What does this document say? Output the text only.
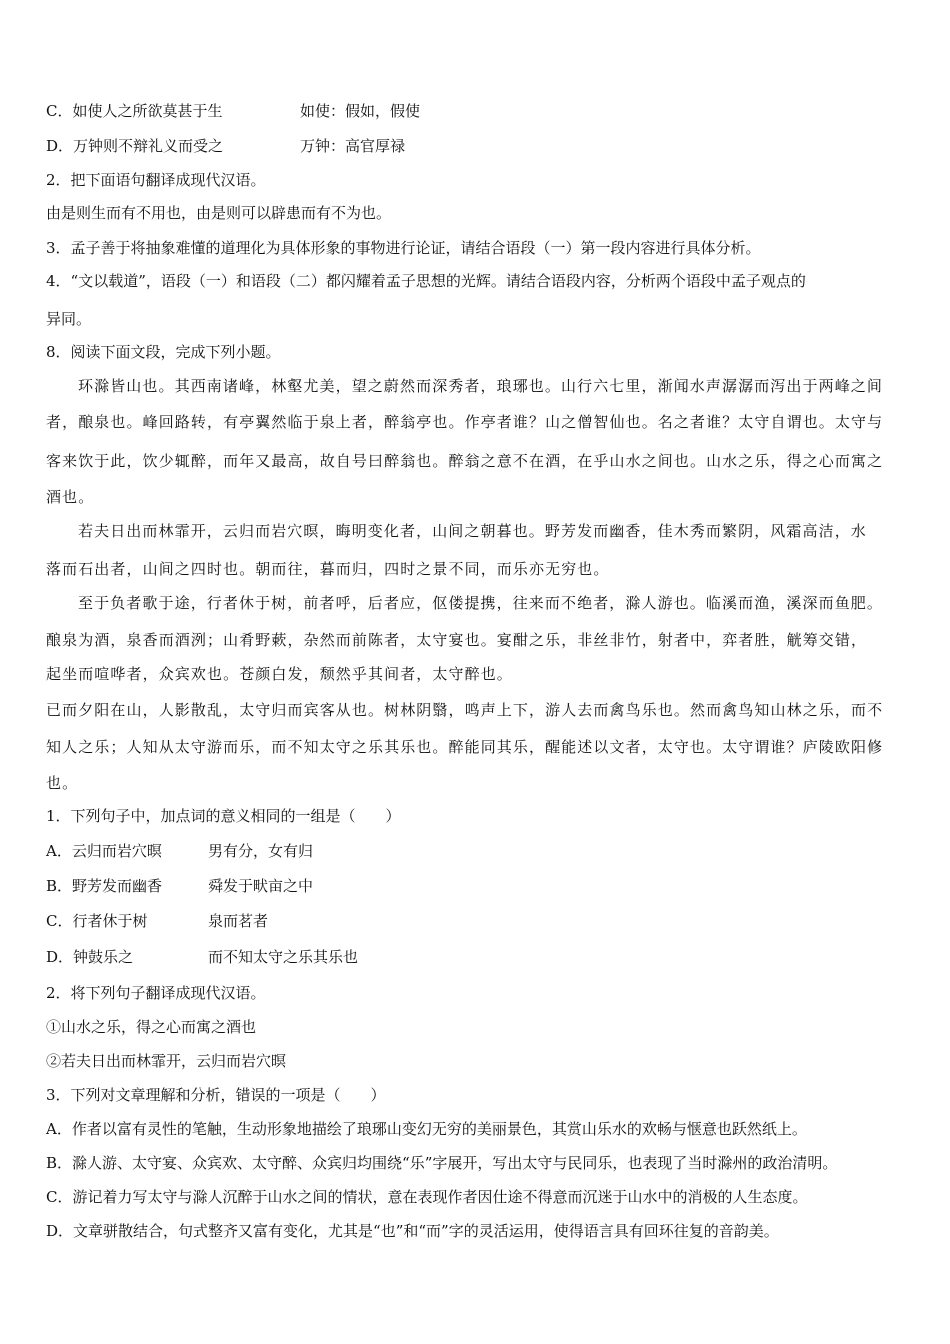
C．如使人之所欲莫甚于生	如使：假如，假使
D．万钟则不辩礼义而受之	万钟：高官厚禄
2．把下面语句翻译成现代汉语。
由是则生而有不用也，由是则可以辟患而有不为也。
3．孟子善于将抽象难懂的道理化为具体形象的事物进行论证，请结合语段（一）第一段内容进行具体分析。
4．“文以载道”，语段（一）和语段（二）都闪耀着孟子思想的光辉。请结合语段内容，分析两个语段中孟子观点的
异同。
8．阅读下面文段，完成下列小题。
环滁皆山也。其西南诸峰，林壑尤美，望之蔚然而深秀者，琅琊也。山行六七里，渐闻水声潺潺而泻出于两峰之间
者，酿泉也。峰回路转，有亭翼然临于泉上者，醉翁亭也。作亭者谁？山之僧智仙也。名之者谁？太守自谓也。太守与
客来饮于此，饮少辄醉，而年又最高，故自号曰醉翁也。醉翁之意不在酒，在乎山水之间也。山水之乐，得之心而寓之
酒也。
若夫日出而林霏开，云归而岩穴暝，晦明变化者，山间之朝暮也。野芳发而幽香，佳木秀而繁阴，风霜高洁，水
落而石出者，山间之四时也。朝而往，暮而归，四时之景不同，而乐亦无穷也。
至于负者歌于途，行者休于树，前者呼，后者应，伛偻提携，往来而不绝者，滁人游也。临溪而渔，溪深而鱼肥。
酿泉为酒，泉香而酒洌；山肴野蔌，杂然而前陈者，太守宴也。宴酣之乐，非丝非竹，射者中，弈者胜，觥筹交错，
起坐而喧哗者，众宾欢也。苍颜白发，颓然乎其间者，太守醉也。
已而夕阳在山，人影散乱，太守归而宾客从也。树林阴翳，鸣声上下，游人去而禽鸟乐也。然而禽鸟知山林之乐，而不
知人之乐；人知从太守游而乐，而不知太守之乐其乐也。醉能同其乐，醒能述以文者，太守也。太守谓谁？庐陵欧阳修
也。
1．下列句子中，加点词的意义相同的一组是（　　）
A．云归而岩穴暝	男有分，女有归
B．野芳发而幽香	舜发于畎亩之中
C．行者休于树	泉而茗者
D．钟鼓乐之	而不知太守之乐其乐也
2．将下列句子翻译成现代汉语。
①山水之乐，得之心而寓之酒也
②若夫日出而林霏开，云归而岩穴暝
3．下列对文章理解和分析，错误的一项是（　　）
A．作者以富有灵性的笔触，生动形象地描绘了琅琊山变幻无穷的美丽景色，其赏山乐水的欢畅与惬意也跃然纸上。
B．滁人游、太守宴、众宾欢、太守醉、众宾归均围绕“乐”字展开，写出太守与民同乐，也表现了当时滁州的政治清明。
C．游记着力写太守与滁人沉醉于山水之间的情状，意在表现作者因仕途不得意而沉迷于山水中的消极的人生态度。
D．文章骈散结合，句式整齐又富有变化，尤其是“也”和“而”字的灵活运用，使得语言具有回环往复的音韵美。
